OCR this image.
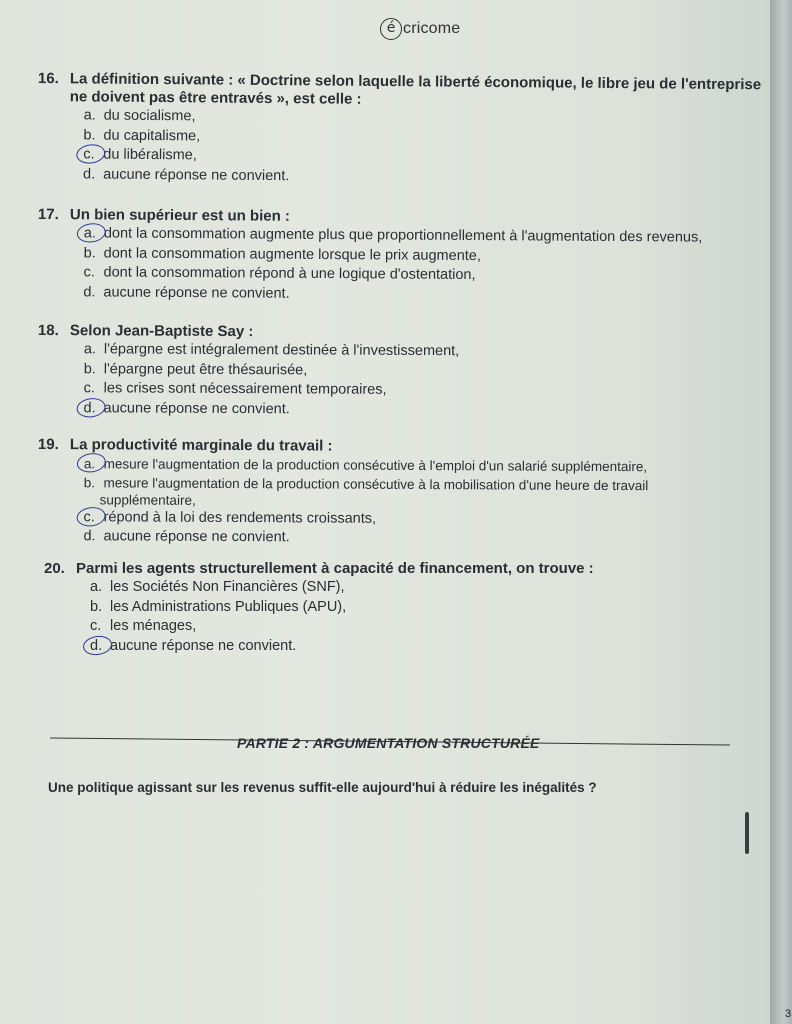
é cricome
16. La définition suivante : « Doctrine selon laquelle la liberté économique, le libre jeu de l'entreprise ne doivent pas être entravés », est celle :
a. du socialisme,
b. du capitalisme,
c. du libéralisme,
d. aucune réponse ne convient.
17. Un bien supérieur est un bien :
a. dont la consommation augmente plus que proportionnellement à l'augmentation des revenus,
b. dont la consommation augmente lorsque le prix augmente,
c. dont la consommation répond à une logique d'ostentation,
d. aucune réponse ne convient.
18. Selon Jean-Baptiste Say :
a. l'épargne est intégralement destinée à l'investissement,
b. l'épargne peut être thésaurisée,
c. les crises sont nécessairement temporaires,
d. aucune réponse ne convient.
19. La productivité marginale du travail :
a. mesure l'augmentation de la production consécutive à l'emploi d'un salarié supplémentaire,
b. mesure l'augmentation de la production consécutive à la mobilisation d'une heure de travail
supplémentaire,
c. répond à la loi des rendements croissants,
d. aucune réponse ne convient.
20. Parmi les agents structurellement à capacité de financement, on trouve :
a. les Sociétés Non Financières (SNF),
b. les Administrations Publiques (APU),
c. les ménages,
d. aucune réponse ne convient.
PARTIE 2 : ARGUMENTATION STRUCTURÉE
Une politique agissant sur les revenus suffit-elle aujourd'hui à réduire les inégalités ?
3
